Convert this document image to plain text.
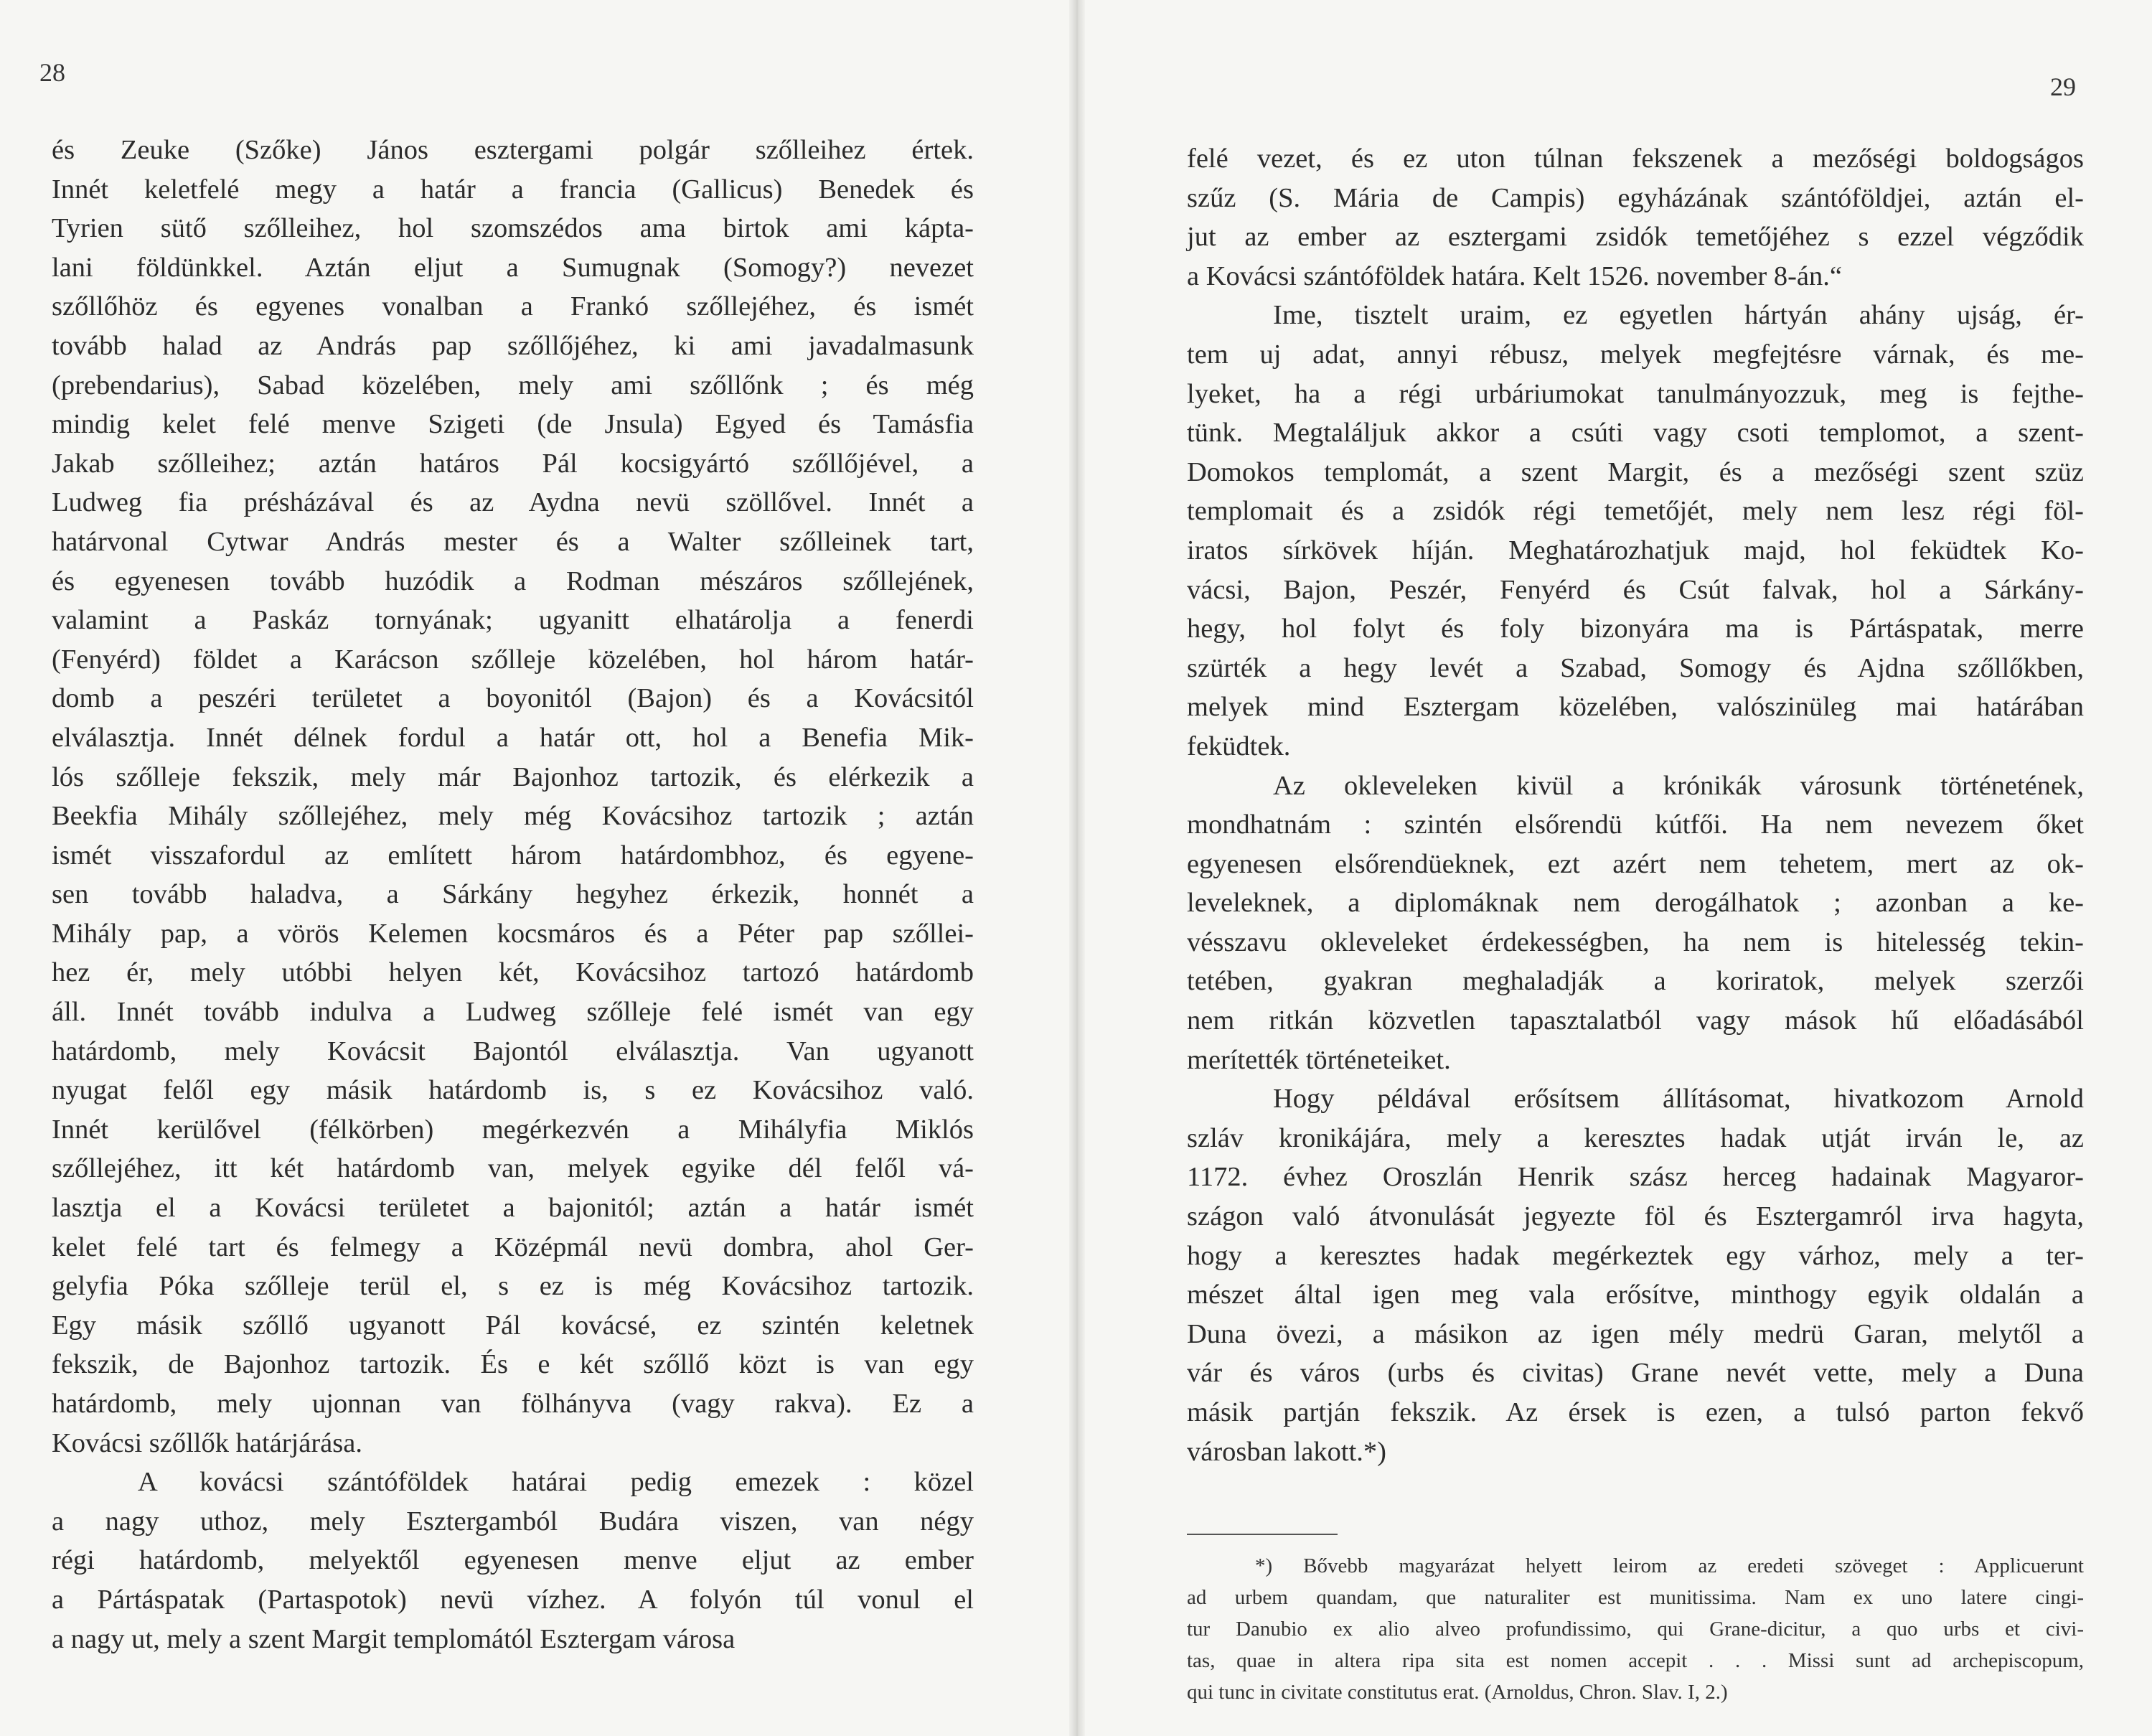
28
és Zeuke (Szőke) János esztergami polgár szőlleihez értek.
Innét keletfelé megy a határ a francia (Gallicus) Benedek és
Tyrien sütő szőlleihez, hol szomszédos ama birtok ami kápta-
lani földünkkel. Aztán eljut a Sumugnak (Somogy?) nevezet
szőllőhöz és egyenes vonalban a Frankó szőllejéhez, és ismét
tovább halad az András pap szőllőjéhez, ki ami javadalmasunk
(prebendarius), Sabad közelében, mely ami szőllőnk ; és még
mindig kelet felé menve Szigeti (de Jnsula) Egyed és Tamásfia
Jakab szőlleihez; aztán határos Pál kocsigyártó szőllőjével, a
Ludweg fia présházával és az Aydna nevü szöllővel. Innét a
határvonal Cytwar András mester és a Walter szőlleinek tart,
és egyenesen tovább huzódik a Rodman mészáros szőllejének,
valamint a Paskáz tornyának; ugyanitt elhatárolja a fenerdi
(Fenyérd) földet a Karácson szőlleje közelében, hol három határ-
domb a peszéri területet a boyonitól (Bajon) és a Kovácsitól
elválasztja. Innét délnek fordul a határ ott, hol a Benefia Mik-
lós szőlleje fekszik, mely már Bajonhoz tartozik, és elérkezik a
Beekfia Mihály szőllejéhez, mely még Kovácsihoz tartozik ; aztán
ismét visszafordul az említett három határdombhoz, és egyene-
sen tovább haladva, a Sárkány hegyhez érkezik, honnét a
Mihály pap, a vörös Kelemen kocsmáros és a Péter pap szőllei-
hez ér, mely utóbbi helyen két, Kovácsihoz tartozó határdomb
áll. Innét tovább indulva a Ludweg szőlleje felé ismét van egy
határdomb, mely Kovácsit Bajontól elválasztja. Van ugyanott
nyugat felől egy másik határdomb is, s ez Kovácsihoz való.
Innét kerülővel (félkörben) megérkezvén a Mihályfia Miklós
szőllejéhez, itt két határdomb van, melyek egyike dél felől vá-
lasztja el a Kovácsi területet a bajonitól; aztán a határ ismét
kelet felé tart és felmegy a Középmál nevü dombra, ahol Ger-
gelyfia Póka szőlleje terül el, s ez is még Kovácsihoz tartozik.
Egy másik szőllő ugyanott Pál kovácsé, ez szintén keletnek
fekszik, de Bajonhoz tartozik. És e két szőllő közt is van egy
határdomb, mely ujonnan van fölhányva (vagy rakva). Ez a
Kovácsi szőllők határjárása.
A kovácsi szántóföldek határai pedig emezek : közel
a nagy uthoz, mely Esztergamból Budára viszen, van négy
régi határdomb, melyektől egyenesen menve eljut az ember
a Pártáspatak (Partaspotok) nevü vízhez. A folyón túl vonul el
a nagy ut, mely a szent Margit templomától Esztergam városa
29
felé vezet, és ez uton túlnan fekszenek a mezőségi boldogságos
szűz (S. Mária de Campis) egyházának szántóföldjei, aztán el-
jut az ember az esztergami zsidók temetőjéhez s ezzel végződik
a Kovácsi szántóföldek határa. Kelt 1526. november 8-án.“
Ime, tisztelt uraim, ez egyetlen hártyán ahány ujság, ér-
tem uj adat, annyi rébusz, melyek megfejtésre várnak, és me-
lyeket, ha a régi urbáriumokat tanulmányozzuk, meg is fejthe-
tünk. Megtaláljuk akkor a csúti vagy csoti templomot, a szent-
Domokos templomát, a szent Margit, és a mezőségi szent szüz
templomait és a zsidók régi temetőjét, mely nem lesz régi föl-
iratos sírkövek híján. Meghatározhatjuk majd, hol feküdtek Ko-
vácsi, Bajon, Peszér, Fenyérd és Csút falvak, hol a Sárkány-
hegy, hol folyt és foly bizonyára ma is Pártáspatak, merre
szürték a hegy levét a Szabad, Somogy és Ajdna szőllőkben,
melyek mind Esztergam közelében, valószinüleg mai határában
feküdtek.
Az okleveleken kivül a krónikák városunk történetének,
mondhatnám : szintén elsőrendü kútfői. Ha nem nevezem őket
egyenesen elsőrendüeknek, ezt azért nem tehetem, mert az ok-
leveleknek, a diplomáknak nem derogálhatok ; azonban a ke-
vésszavu okleveleket érdekességben, ha nem is hitelesség tekin-
tetében, gyakran meghaladják a koriratok, melyek szerzői
nem ritkán közvetlen tapasztalatból vagy mások hű előadásából
merítették történeteiket.
Hogy példával erősítsem állításomat, hivatkozom Arnold
szláv kronikájára, mely a keresztes hadak utját irván le, az
1172. évhez Oroszlán Henrik szász herceg hadainak Magyaror-
szágon való átvonulását jegyezte föl és Esztergamról irva hagyta,
hogy a keresztes hadak megérkeztek egy várhoz, mely a ter-
mészet által igen meg vala erősítve, minthogy egyik oldalán a
Duna övezi, a másikon az igen mély medrü Garan, melytől a
vár és város (urbs és civitas) Grane nevét vette, mely a Duna
másik partján fekszik. Az érsek is ezen, a tulsó parton fekvő
városban lakott.*)
*) Bővebb magyarázat helyett leirom az eredeti szöveget : Applicuerunt
ad urbem quandam, que naturaliter est munitissima. Nam ex uno latere cingi-
tur Danubio ex alio alveo profundissimo, qui Grane-dicitur, a quo urbs et civi-
tas, quae in altera ripa sita est nomen accepit . . . Missi sunt ad archepiscopum,
qui tunc in civitate constitutus erat. (Arnoldus, Chron. Slav. I, 2.)
